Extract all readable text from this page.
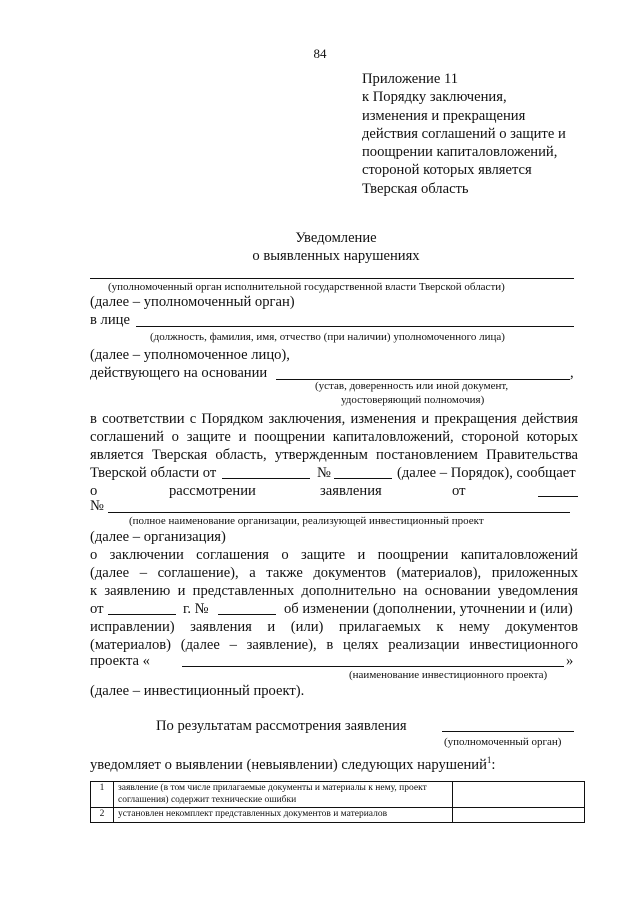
84
Приложение 11
к Порядку заключения,
изменения и прекращения
действия соглашений о защите и
поощрении капиталовложений,
стороной которых является
Тверская область
Уведомление
о выявленных нарушениях
(уполномоченный орган исполнительной государственной власти Тверской области)
(далее – уполномоченный орган)
в лице
(должность, фамилия, имя, отчество (при наличии) уполномоченного лица)
(далее – уполномоченное лицо),
действующего на основании	,
(устав, доверенность или иной документ,
удостоверяющий полномочия)
в соответствии с Порядком заключения, изменения и прекращения действия
соглашений о защите и поощрении капиталовложений, стороной которых
является Тверская область, утвержденным постановлением Правительства
Тверской области от	№	(далее – Порядок), сообщает
о	рассмотрении	заявления	от
№
(полное наименование организации, реализующей инвестиционный проект
(далее – организация)
о заключении соглашения о защите и поощрении капиталовложений
(далее – соглашение), а также документов (материалов), приложенных
к заявлению и представленных дополнительно на основании уведомления
от	г. №	об изменении (дополнении, уточнении и (или)
исправлении) заявления и (или) прилагаемых к нему документов
(материалов) (далее – заявление), в целях реализации инвестиционного
проекта «	»
(наименование инвестиционного проекта)
(далее – инвестиционный проект).
По результатам рассмотрения заявления
(уполномоченный орган)
уведомляет о выявлении (невыявлении) следующих нарушений$^1$:
1	заявление (в том числе прилагаемые документы и материалы к нему, проект соглашения) содержит технические ошибки	
2	установлен некомплект представленных документов и материалов	
